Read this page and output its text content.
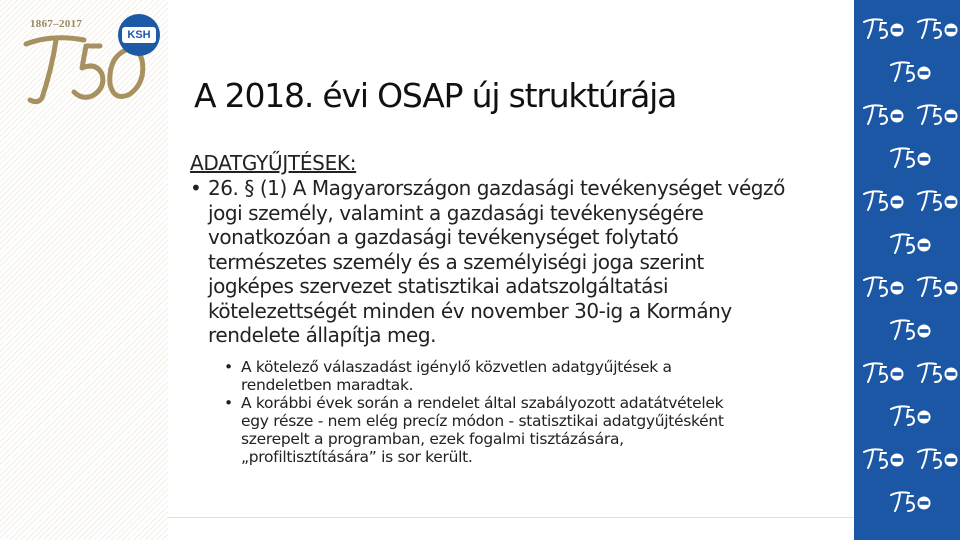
1867–2017
KSH
A 2018. évi OSAP új struktúrája
ADATGYŰJTÉSEK:
• 26. § (1) A Magyarországon gazdasági tevékenységet végző
jogi személy, valamint a gazdasági tevékenységére
vonatkozóan a gazdasági tevékenységet folytató
természetes személy és a személyiségi joga szerint
jogképes szervezet statisztikai adatszolgáltatási
kötelezettségét minden év november 30-ig a Kormány
rendelete állapítja meg.
• A kötelező válaszadást igénylő közvetlen adatgyűjtések a
rendeletben maradtak.
• A korábbi évek során a rendelet által szabályozott adatátvételek
egy része - nem elég precíz módon - statisztikai adatgyűjtésként
szerepelt a programban, ezek fogalmi tisztázására,
„profiltisztítására” is sor került.
